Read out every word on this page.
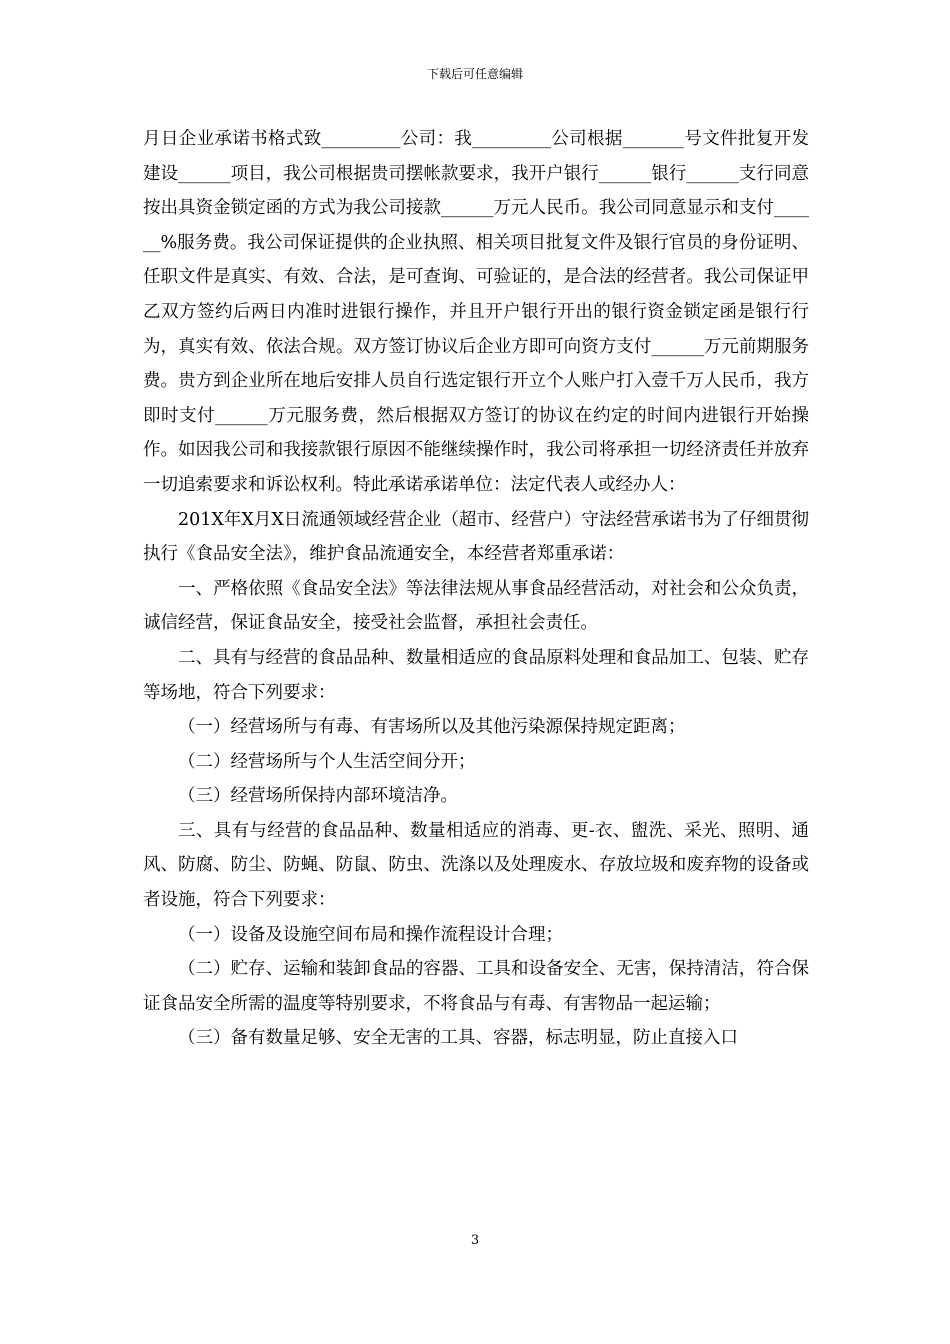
下载后可任意编辑

月日企业承诺书格式致_________公司：我_________公司根据_______号文件批复开发建设______项目，我公司根据贵司摆帐款要求，我开户银行______银行______支行同意按出具资金锁定函的方式为我公司接款______万元人民币。我公司同意显示和支付______%服务费。我公司保证提供的企业执照、相关项目批复文件及银行官员的身份证明、任职文件是真实、有效、合法，是可查询、可验证的，是合法的经营者。我公司保证甲乙双方签约后两日内准时进银行操作，并且开户银行开出的银行资金锁定函是银行行为，真实有效、依法合规。双方签订协议后企业方即可向资方支付______万元前期服务费。贵方到企业所在地后安排人员自行选定银行开立个人账户打入壹千万人民币，我方即时支付______万元服务费，然后根据双方签订的协议在约定的时间内进银行开始操作。如因我公司和我接款银行原因不能继续操作时，我公司将承担一切经济责任并放弃一切追索要求和诉讼权利。特此承诺承诺单位：法定代表人或经办人：

201X年X月X日流通领域经营企业（超市、经营户）守法经营承诺书为了仔细贯彻执行《食品安全法》，维护食品流通安全，本经营者郑重承诺：

一、严格依照《食品安全法》等法律法规从事食品经营活动，对社会和公众负责，诚信经营，保证食品安全，接受社会监督，承担社会责任。

二、具有与经营的食品品种、数量相适应的食品原料处理和食品加工、包装、贮存等场地，符合下列要求：

（一）经营场所与有毒、有害场所以及其他污染源保持规定距离；

（二）经营场所与个人生活空间分开；

（三）经营场所保持内部环境洁净。

三、具有与经营的食品品种、数量相适应的消毒、更-衣、盥洗、采光、照明、通风、防腐、防尘、防蝇、防鼠、防虫、洗涤以及处理废水、存放垃圾和废弃物的设备或者设施，符合下列要求：

（一）设备及设施空间布局和操作流程设计合理；

（二）贮存、运输和装卸食品的容器、工具和设备安全、无害，保持清洁，符合保证食品安全所需的温度等特别要求，不将食品与有毒、有害物品一起运输；

（三）备有数量足够、安全无害的工具、容器，标志明显，防止直接入口

3
